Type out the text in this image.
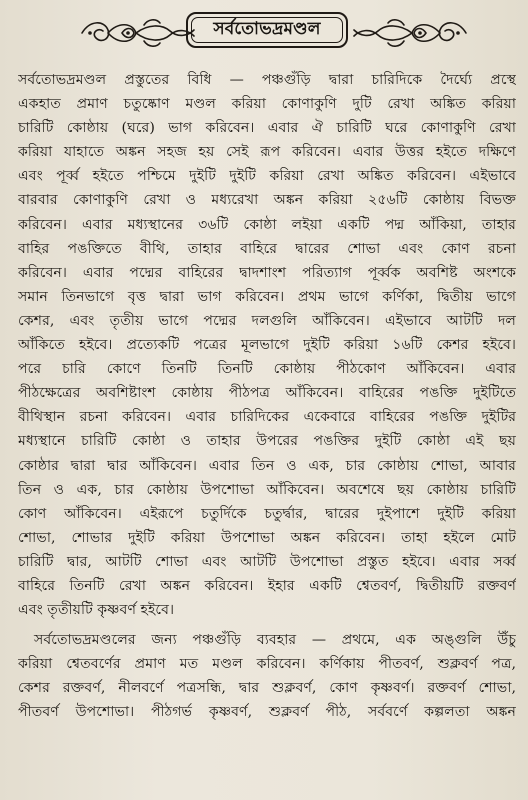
সর্বতোভদ্রমণ্ডল
সর্বতোভদ্রমণ্ডল প্রস্তুতের বিধি — পঞ্চগুঁড়ি দ্বারা চারিদিকে দৈর্ঘ্যে প্রস্থে
একহাত প্রমাণ চতুষ্কোণ মণ্ডল করিয়া কোণাকুণি দুটি রেখা অঙ্কিত করিয়া
চারিটি কোষ্ঠায় (ঘরে) ভাগ করিবেন। এবার ঐ চারিটি ঘরে কোণাকুণি রেখা
করিয়া যাহাতে অঙ্কন সহজ হয় সেই রূপ করিবেন। এবার উত্তর হইতে দক্ষিণে
এবং পূর্ব্ব হইতে পশ্চিমে দুইটি দুইটি করিয়া রেখা অঙ্কিত করিবেন। এইভাবে
বারবার কোণাকুণি রেখা ও মধ্যরেখা অঙ্কন করিয়া ২৫৬টি কোষ্ঠায় বিভক্ত
করিবেন। এবার মধ্যস্থানের ৩৬টি কোষ্ঠা লইয়া একটি পদ্ম আঁকিয়া, তাহার
বাহির পঙক্তিতে বীথি, তাহার বাহিরে দ্বারের শোভা এবং কোণ রচনা
করিবেন। এবার পদ্মের বাহিরের দ্বাদশাংশ পরিত্যাগ পূর্ব্বক অবশিষ্ট অংশকে
সমান তিনভাগে বৃত্ত দ্বারা ভাগ করিবেন। প্রথম ভাগে কর্ণিকা, দ্বিতীয় ভাগে
কেশর, এবং তৃতীয় ভাগে পদ্মের দলগুলি আঁকিবেন। এইভাবে আটটি দল
আঁকিতে হইবে। প্রত্যেকটি পত্রের মূলভাগে দুইটি করিয়া ১৬টি কেশর হইবে।
পরে চারি কোণে তিনটি তিনটি কোষ্ঠায় পীঠকোণ আঁকিবেন। এবার
পীঠক্ষেত্রের অবশিষ্টাংশ কোষ্ঠায় পীঠপত্র আঁকিবেন। বাহিরের পঙক্তি দুইটিতে
বীথিস্থান রচনা করিবেন। এবার চারিদিকের একেবারে বাহিরের পঙক্তি দুইটির
মধ্যস্থানে চারিটি কোষ্ঠা ও তাহার উপরের পঙক্তির দুইটি কোষ্ঠা এই ছয়
কোষ্ঠার দ্বারা দ্বার আঁকিবেন। এবার তিন ও এক, চার কোষ্ঠায় শোভা, আবার
তিন ও এক, চার কোষ্ঠায় উপশোভা আঁকিবেন। অবশেষে ছয় কোষ্ঠায় চারিটি
কোণ আঁকিবেন। এইরূপে চতুর্দিকে চতুর্দ্বার, দ্বারের দুইপাশে দুইটি করিয়া
শোভা, শোভার দুইটি করিয়া উপশোভা অঙ্কন করিবেন। তাহা হইলে মোট
চারিটি দ্বার, আটটি শোভা এবং আটটি উপশোভা প্রস্তুত হইবে। এবার সর্ব্ব
বাহিরে তিনটি রেখা অঙ্কন করিবেন। ইহার একটি শ্বেতবর্ণ, দ্বিতীয়টি রক্তবর্ণ
এবং তৃতীয়টি কৃষ্ণবর্ণ হইবে।
সর্বতোভদ্রমণ্ডলের জন্য পঞ্চগুঁড়ি ব্যবহার — প্রথমে, এক অঙ্গুলি উঁচু
করিয়া শ্বেতবর্ণের প্রমাণ মত মণ্ডল করিবেন। কর্ণিকায় পীতবর্ণ, শুক্লবর্ণ পত্র,
কেশর রক্তবর্ণ, নীলবর্ণে পত্রসন্ধি, দ্বার শুক্লবর্ণ, কোণ কৃষ্ণবর্ণ। রক্তবর্ণ শোভা,
পীতবর্ণ উপশোভা। পীঠগর্ভ কৃষ্ণবর্ণ, শুক্লবর্ণ পীঠ, সর্ববর্ণে কল্পলতা অঙ্কন
